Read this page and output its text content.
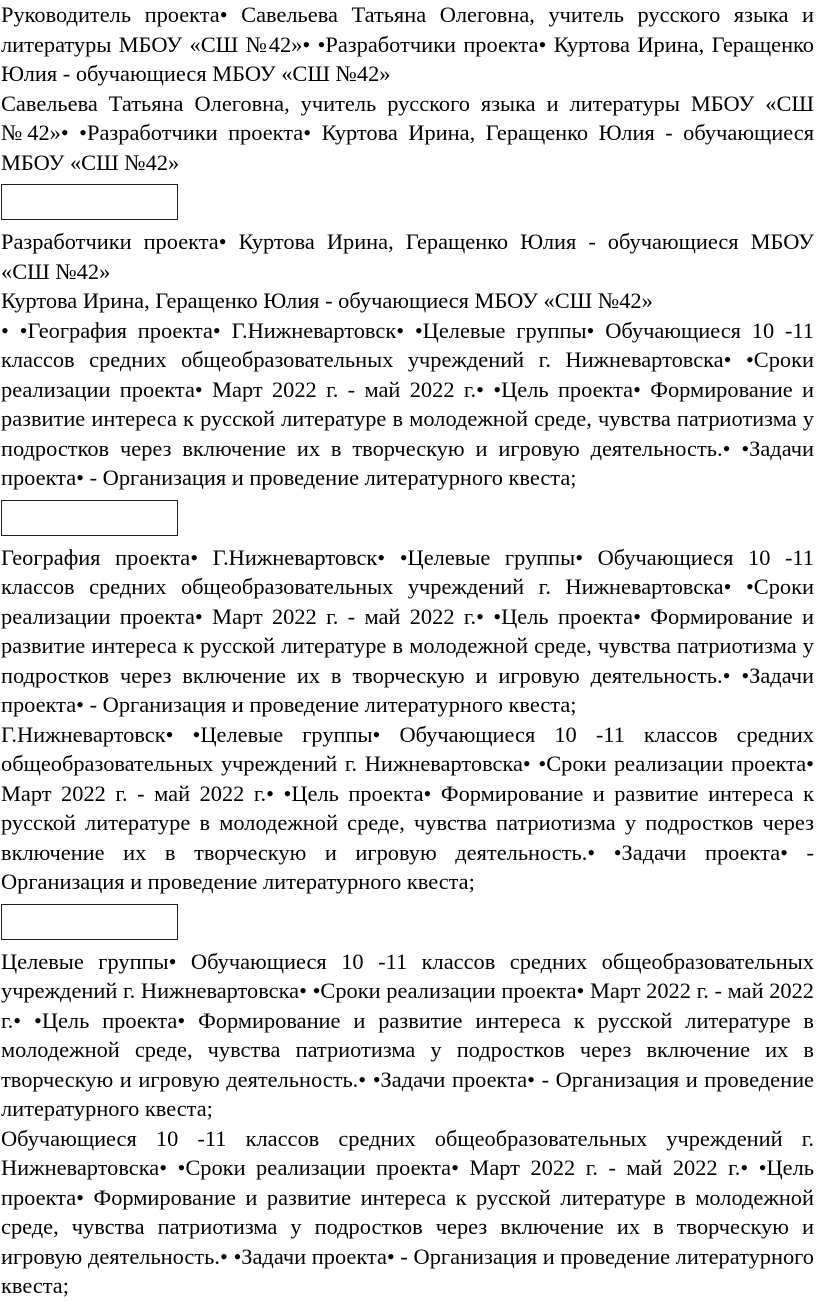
Руководитель проекта• Савельева Татьяна Олеговна, учитель русского языка и литературы МБОУ «СШ №42»• •Разработчики проекта• Куртова Ирина, Геращенко Юлия - обучающиеся МБОУ «СШ №42»

Савельева Татьяна Олеговна, учитель русского языка и литературы МБОУ «СШ №42»• •Разработчики проекта• Куртова Ирина, Геращенко Юлия - обучающиеся МБОУ «СШ №42»

Разработчики проекта• Куртова Ирина, Геращенко Юлия - обучающиеся МБОУ «СШ №42»

Куртова Ирина, Геращенко Юлия - обучающиеся МБОУ «СШ №42»

• •География проекта• Г.Нижневартовск• •Целевые группы• Обучающиеся 10 -11 классов средних общеобразовательных учреждений г. Нижневартовска• •Сроки реализации проекта• Март 2022 г. - май 2022 г.• •Цель проекта• Формирование и развитие интереса к русской литературе в молодежной среде, чувства патриотизма у подростков через включение их в творческую и игровую деятельность.• •Задачи проекта• - Организация и проведение литературного квеста;

География проекта• Г.Нижневартовск• •Целевые группы• Обучающиеся 10 -11 классов средних общеобразовательных учреждений г. Нижневартовска• •Сроки реализации проекта• Март 2022 г. - май 2022 г.• •Цель проекта• Формирование и развитие интереса к русской литературе в молодежной среде, чувства патриотизма у подростков через включение их в творческую и игровую деятельность.• •Задачи проекта• - Организация и проведение литературного квеста;

Г.Нижневартовск• •Целевые группы• Обучающиеся 10 -11 классов средних общеобразовательных учреждений г. Нижневартовска• •Сроки реализации проекта• Март 2022 г. - май 2022 г.• •Цель проекта• Формирование и развитие интереса к русской литературе в молодежной среде, чувства патриотизма у подростков через включение их в творческую и игровую деятельность.• •Задачи проекта• - Организация и проведение литературного квеста;

Целевые группы• Обучающиеся 10 -11 классов средних общеобразовательных учреждений г. Нижневартовска• •Сроки реализации проекта• Март 2022 г. - май 2022 г.• •Цель проекта• Формирование и развитие интереса к русской литературе в молодежной среде, чувства патриотизма у подростков через включение их в творческую и игровую деятельность.• •Задачи проекта• - Организация и проведение литературного квеста;

Обучающиеся 10 -11 классов средних общеобразовательных учреждений г. Нижневартовска• •Сроки реализации проекта• Март 2022 г. - май 2022 г.• •Цель проекта• Формирование и развитие интереса к русской литературе в молодежной среде, чувства патриотизма у подростков через включение их в творческую и игровую деятельность.• •Задачи проекта• - Организация и проведение литературного квеста;
